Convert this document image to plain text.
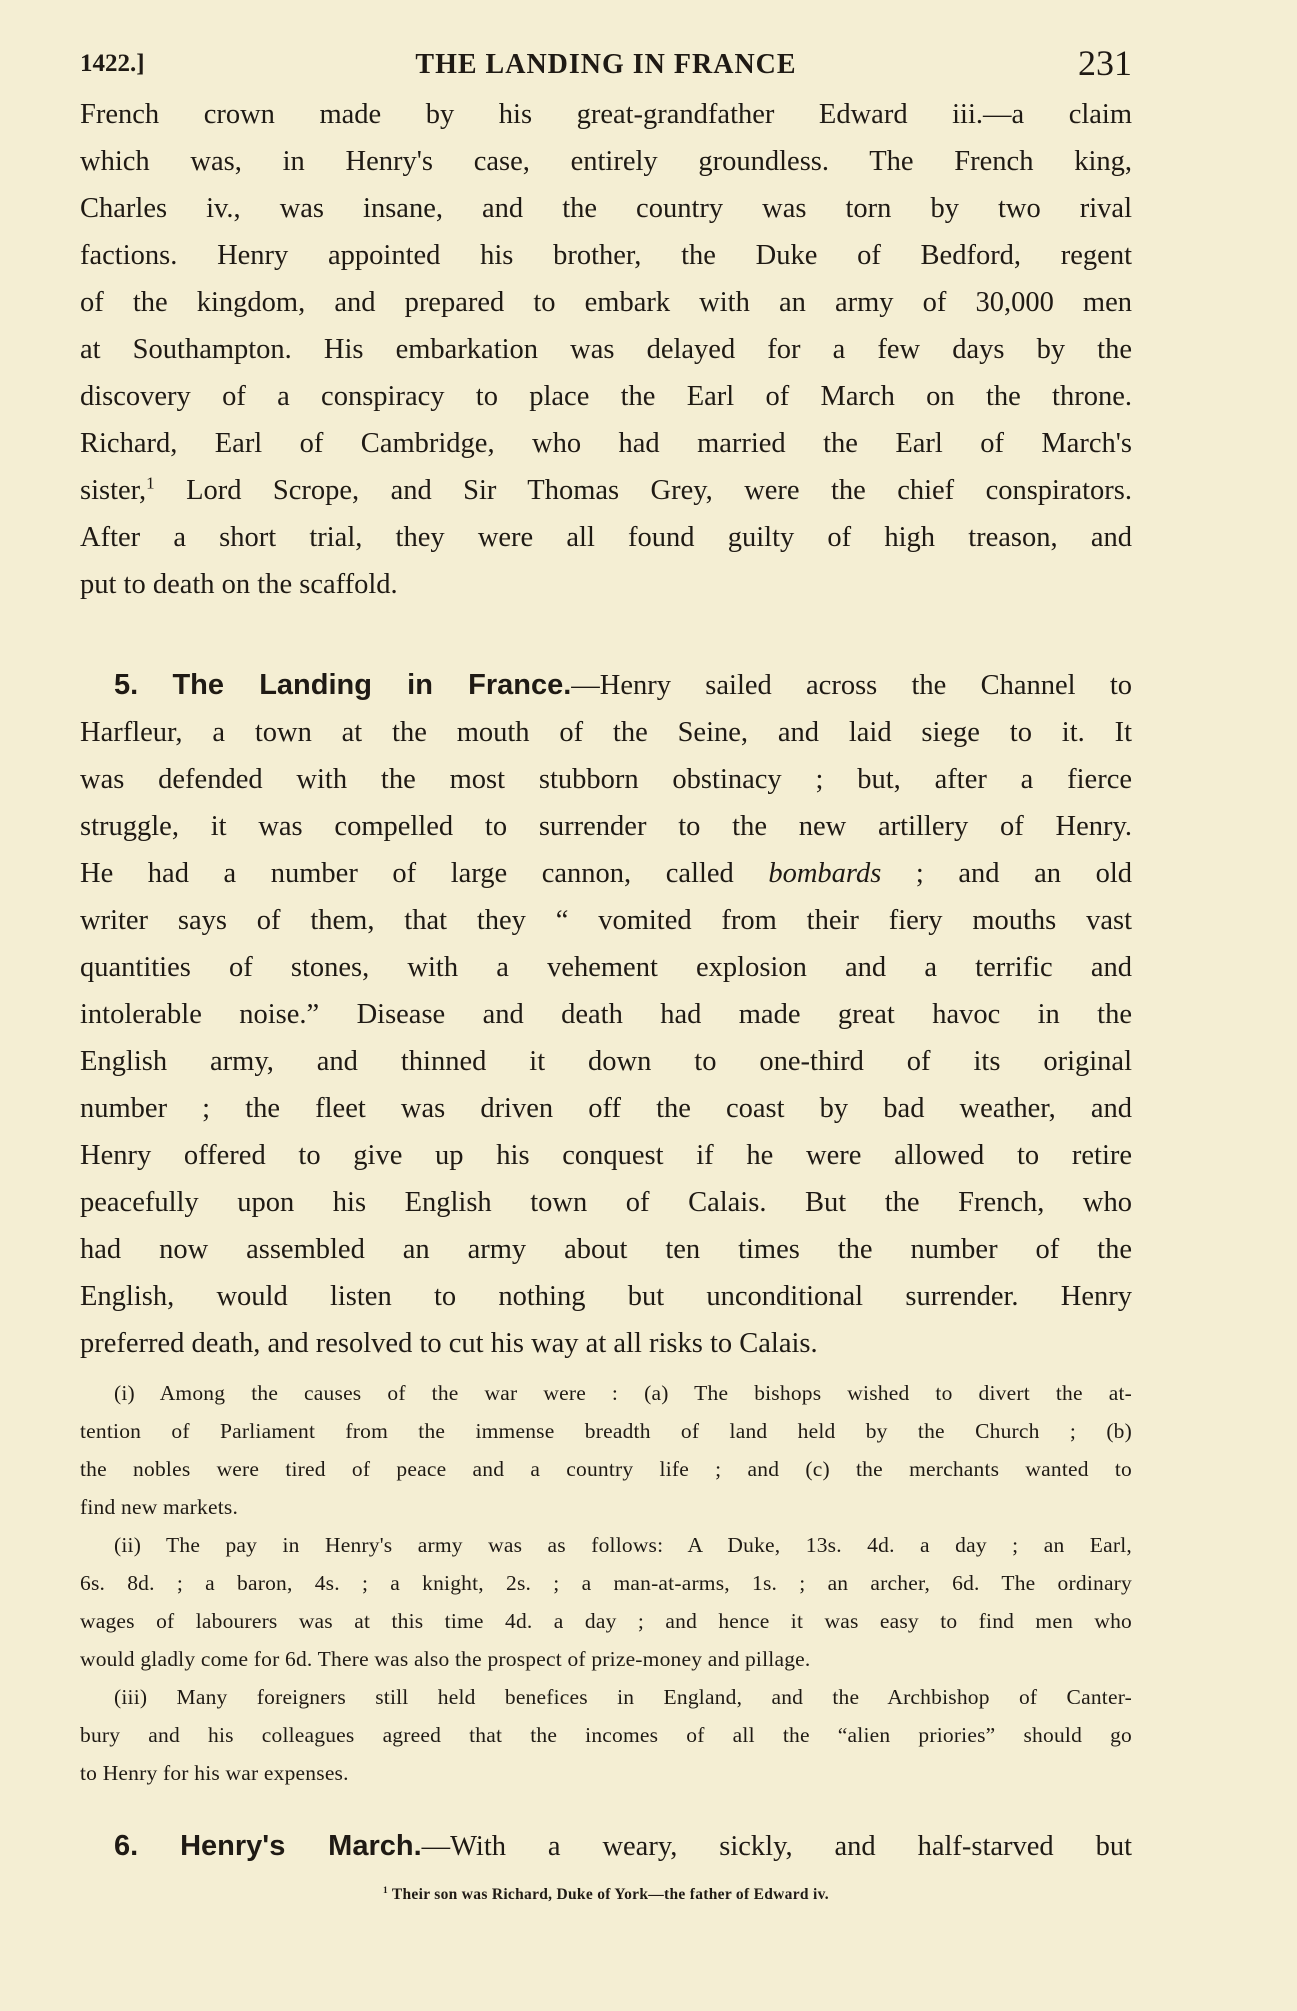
1422.]	THE LANDING IN FRANCE	231
French crown made by his great-grandfather Edward iii.—a claim
which was, in Henry's case, entirely groundless. The French king,
Charles iv., was insane, and the country was torn by two rival
factions. Henry appointed his brother, the Duke of Bedford, regent
of the kingdom, and prepared to embark with an army of 30,000 men
at Southampton. His embarkation was delayed for a few days by the
discovery of a conspiracy to place the Earl of March on the throne.
Richard, Earl of Cambridge, who had married the Earl of March's
sister,$^1$ Lord Scrope, and Sir Thomas Grey, were the chief conspirators.
After a short trial, they were all found guilty of high treason, and
put to death on the scaffold.
5. The Landing in France.—Henry sailed across the Channel to
Harfleur, a town at the mouth of the Seine, and laid siege to it. It
was defended with the most stubborn obstinacy ; but, after a fierce
struggle, it was compelled to surrender to the new artillery of Henry.
He had a number of large cannon, called bombards ; and an old
writer says of them, that they “ vomited from their fiery mouths vast
quantities of stones, with a vehement explosion and a terrific and
intolerable noise.” Disease and death had made great havoc in the
English army, and thinned it down to one-third of its original
number ; the fleet was driven off the coast by bad weather, and
Henry offered to give up his conquest if he were allowed to retire
peacefully upon his English town of Calais. But the French, who
had now assembled an army about ten times the number of the
English, would listen to nothing but unconditional surrender. Henry
preferred death, and resolved to cut his way at all risks to Calais.
(i) Among the causes of the war were : (a) The bishops wished to divert the at-
tention of Parliament from the immense breadth of land held by the Church ; (b)
the nobles were tired of peace and a country life ; and (c) the merchants wanted to
find new markets.
(ii) The pay in Henry's army was as follows: A Duke, 13s. 4d. a day ; an Earl,
6s. 8d. ; a baron, 4s. ; a knight, 2s. ; a man-at-arms, 1s. ; an archer, 6d. The ordinary
wages of labourers was at this time 4d. a day ; and hence it was easy to find men who
would gladly come for 6d. There was also the prospect of prize-money and pillage.
(iii) Many foreigners still held benefices in England, and the Archbishop of Canter-
bury and his colleagues agreed that the incomes of all the “alien priories” should go
to Henry for his war expenses.
6. Henry's March.—With a weary, sickly, and half-starved but
$^1$ Their son was Richard, Duke of York—the father of Edward iv.
